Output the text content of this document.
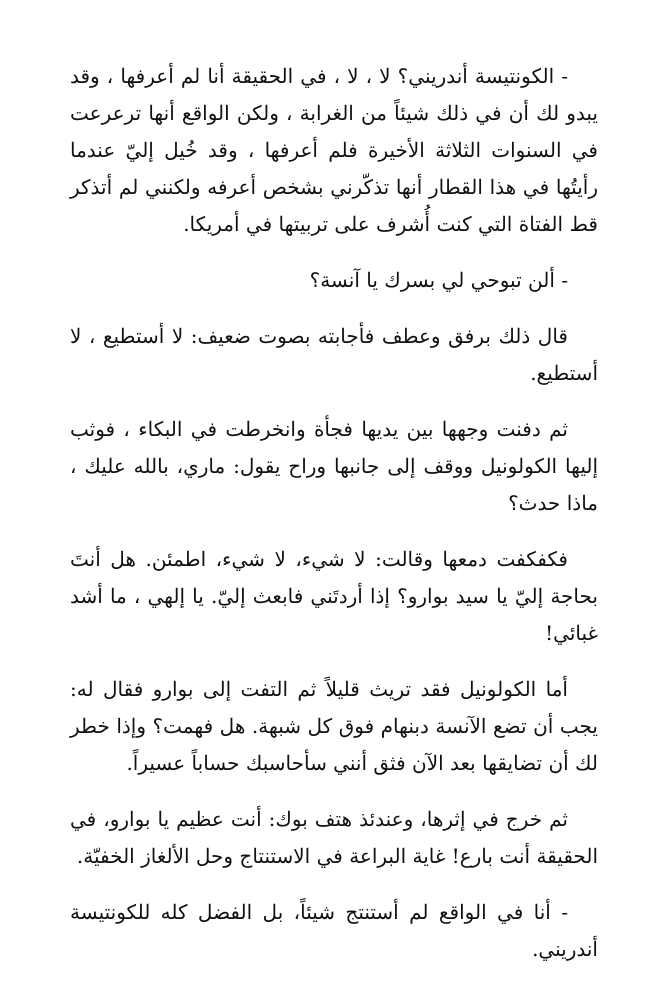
- الكونتيسة أندريني؟ لا ، لا ، في الحقيقة أنا لم أعرفها ، وقد يبدو لك أن في ذلك شيئاً من الغرابة ، ولكن الواقع أنها ترعرعت في السنوات الثلاثة الأخيرة فلم أعرفها ، وقد خُيل إليّ عندما رأيتُها في هذا القطار أنها تذكّرني بشخص أعرفه ولكنني لم أتذكر قط الفتاة التي كنت أُشرف على تربيتها في أمريكا.

- ألن تبوحي لي بسرك يا آنسة؟

قال ذلك برفق وعطف فأجابته بصوت ضعيف: لا أستطيع ، لا أستطيع.

ثم دفنت وجهها بين يديها فجأة وانخرطت في البكاء ، فوثب إليها الكولونيل ووقف إلى جانبها وراح يقول: ماري، بالله عليك ، ماذا حدث؟

فكفكفت دمعها وقالت: لا شيء، لا شيء، اطمئن. هل أنتَ بحاجة إليّ يا سيد بوارو؟ إذا أردتَني فابعث إليّ. يا إلهي ، ما أشد غبائي!

أما الكولونيل فقد تريث قليلاً ثم التفت إلى بوارو فقال له: يجب أن تضع الآنسة دبنهام فوق كل شبهة. هل فهمت؟ وإذا خطر لك أن تضايقها بعد الآن فثق أنني سأحاسبك حساباً عسيراً.

ثم خرج في إثرها، وعندئذ هتف بوك: أنت عظيم يا بوارو، في الحقيقة أنت بارع! غاية البراعة في الاستنتاج وحل الألغاز الخفيّة.

- أنا في الواقع لم أستنتج شيئاً، بل الفضل كله للكونتيسة أندريني.
